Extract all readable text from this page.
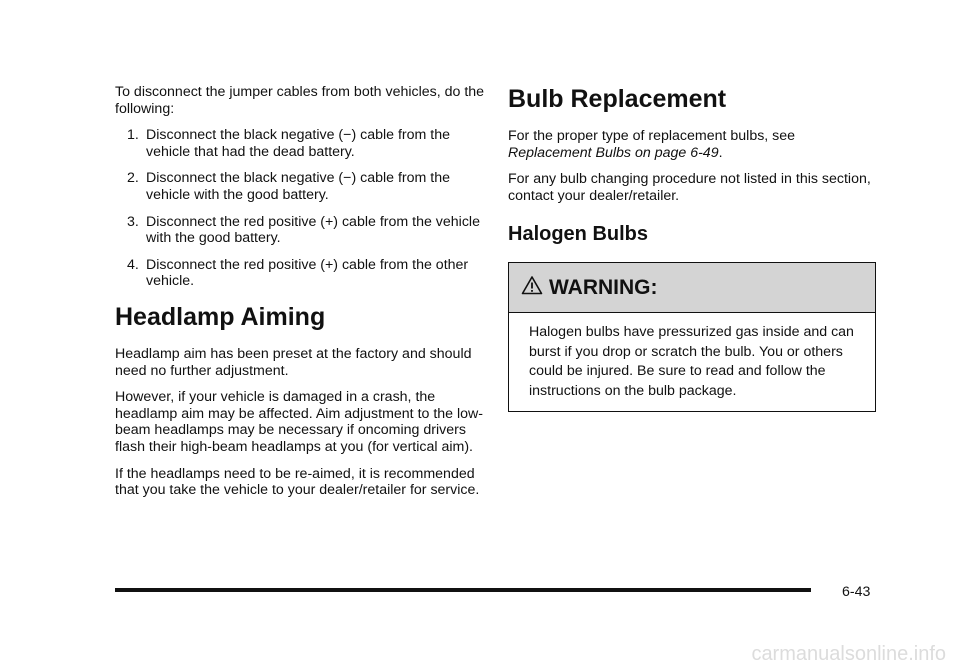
To disconnect the jumper cables from both vehicles, do the following:

1. Disconnect the black negative (−) cable from the vehicle that had the dead battery.
2. Disconnect the black negative (−) cable from the vehicle with the good battery.
3. Disconnect the red positive (+) cable from the vehicle with the good battery.
4. Disconnect the red positive (+) cable from the other vehicle.
Headlamp Aiming

Headlamp aim has been preset at the factory and should need no further adjustment.

However, if your vehicle is damaged in a crash, the headlamp aim may be affected. Aim adjustment to the low-beam headlamps may be necessary if oncoming drivers flash their high-beam headlamps at you (for vertical aim).

If the headlamps need to be re-aimed, it is recommended that you take the vehicle to your dealer/retailer for service.

Bulb Replacement

For the proper type of replacement bulbs, see
Replacement Bulbs on page 6-49.

For any bulb changing procedure not listed in this section, contact your dealer/retailer.

Halogen Bulbs
WARNING:

Halogen bulbs have pressurized gas inside and can burst if you drop or scratch the bulb. You or others could be injured. Be sure to read and follow the instructions on the bulb package.

6-43
carmanualsonline.info
